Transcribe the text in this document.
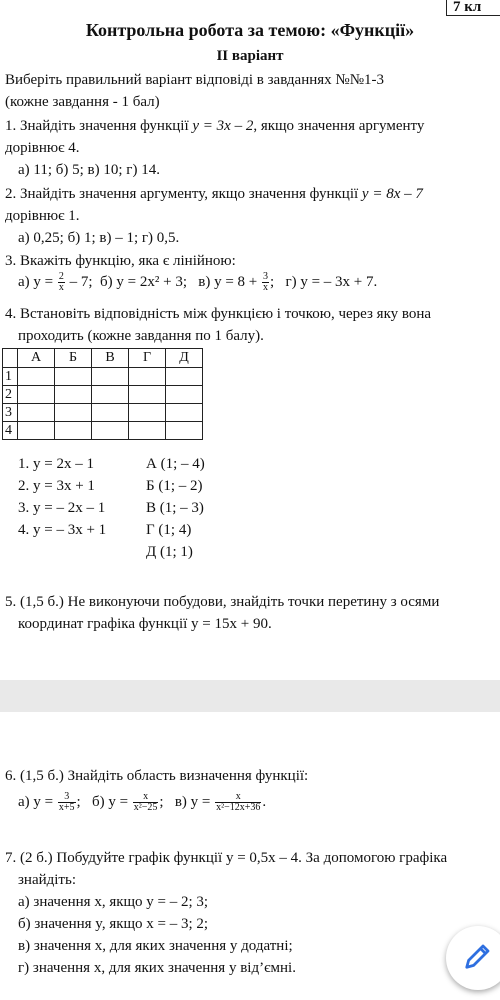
7 кл
Контрольна робота за темою: «Функції»
ІІ варіант
Виберіть правильний варіант відповіді в завданнях №№1-3
(кожне завдання - 1 бал)
1. Знайдіть значення функції y = 3x – 2, якщо значення аргументу
дорівнює 4.
а) 11; б) 5; в) 10; г) 14.
2. Знайдіть значення аргументу, якщо значення функції y = 8x – 7
дорівнює 1.
а) 0,25; б) 1; в) – 1; г) 0,5.
3. Вкажіть функцію, яка є лінійною:
а) $y = \frac{2}{x} - 7$; б) y = 2x² + 3; в) $y = 8 + \frac{3}{x}$ ; г) y = – 3x + 7.
4. Встановіть відповідність між функцією і точкою, через яку вона
проходить (кожне завдання по 1 балу).
	А	Б	В	Г	Д
1					
2					
3					
4					
1. y = 2x – 1
2. y = 3x + 1
3. y = – 2x – 1
4. y = – 3x + 1
А (1; – 4)
Б (1; – 2)
В (1; – 3)
Г (1; 4)
Д (1; 1)
5. (1,5 б.) Не виконуючи побудови, знайдіть точки перетину з осями
координат графіка функції y = 15x + 90.
6. (1,5 б.) Знайдіть область визначення функції:
а) $y = \frac{3}{x+5}$ ; б) $y = \frac{x}{\text{x²−25}}$ ; в) $y = \frac{x}{\text{x²−12x+36}}$ .
7. (2 б.) Побудуйте графік функції y = 0,5x – 4. За допомогою графіка
знайдіть:
а) значення x, якщо y = – 2; 3;
б) значення y, якщо x = – 3; 2;
в) значення x, для яких значення y додатні;
г) значення x, для яких значення y від’ємні.
